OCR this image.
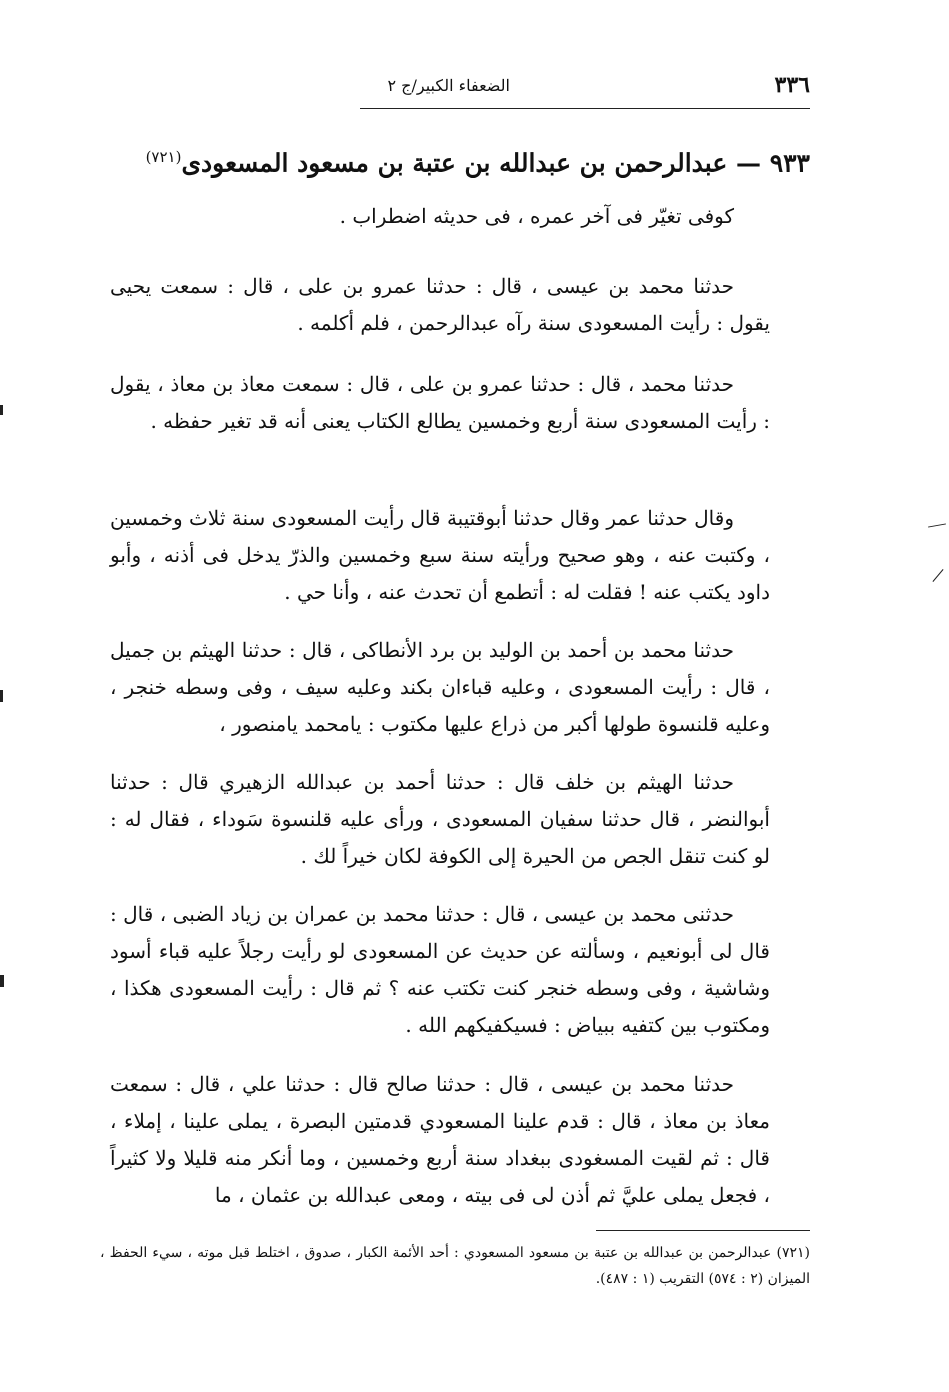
٣٣٦
الضعفاء الكبير/ج ٢
٩٣٣ — عبدالرحمن بن عبدالله بن عتبة بن مسعود المسعودى$^{(٧٢١)}$

كوفى تغيّر فى آخر عمره ، فى حديثه اضطراب .

حدثنا محمد بن عيسى ، قال : حدثنا عمرو بن على ، قال : سمعت يحيى يقول : رأيت المسعودى سنة رآه عبدالرحمن ، فلم أكلمه .

حدثنا محمد ، قال : حدثنا عمرو بن على ، قال : سمعت معاذ بن معاذ ، يقول : رأيت المسعودى سنة أربع وخمسين يطالع الكتاب يعنى أنه قد تغير حفظه .

وقال حدثنا عمر وقال حدثنا أبوقتيبة قال رأيت المسعودى سنة ثلاث وخمسين ، وكتبت عنه ، وهو صحيح ورأيته سنة سبع وخمسين والذرّ يدخل فى أذنه ، وأبو داود يكتب عنه ! فقلت له : أتطمع أن تحدث عنه ، وأنا حي .

حدثنا محمد بن أحمد بن الوليد بن برد الأنطاكى ، قال : حدثنا الهيثم بن جميل ، قال : رأيت المسعودى ، وعليه قباءان بكند وعليه سيف ، وفى وسطه خنجر ، وعليه قلنسوة طولها أكبر من ذراع عليها مكتوب : يامحمد يامنصور ،

حدثنا الهيثم بن خلف قال : حدثنا أحمد بن عبدالله الزهيري قال : حدثنا أبوالنضر ، قال حدثنا سفيان المسعودى ، ورأى عليه قلنسوة سَوداء ، فقال له : لو كنت تنقل الجص من الحيرة إلى الكوفة لكان خيراً لك .

حدثنى محمد بن عيسى ، قال : حدثنا محمد بن عمران بن زياد الضبى ، قال : قال لى أبونعيم ، وسألته عن حديث عن المسعودى لو رأيت رجلاً عليه قباء أسود وشاشية ، وفى وسطه خنجر كنت تكتب عنه ؟ ثم قال : رأيت المسعودى هكذا ، ومكتوب بين كتفيه ببياض : فسيكفيكهم الله .

حدثنا محمد بن عيسى ، قال : حدثنا صالح قال : حدثنا علي ، قال : سمعت معاذ بن معاذ ، قال : قدم علينا المسعودي قدمتين البصرة ، يملى علينا ، إملاء ، قال : ثم لقيت المسغودى ببغداد سنة أربع وخمسين ، وما أنكر منه قليلا ولا كثيراً ، فجعل يملى عليَّ ثم أذن لى فى بيته ، ومعى عبدالله بن عثمان ، ما

(٧٢١) عبدالرحمن بن عبدالله بن عتبة بن مسعود المسعودي : أحد الأئمة الكبار ، صدوق ، اختلط قبل موته ، سيء الحفظ ، الميزان (٢ : ٥٧٤) التقريب (١ : ٤٨٧).
